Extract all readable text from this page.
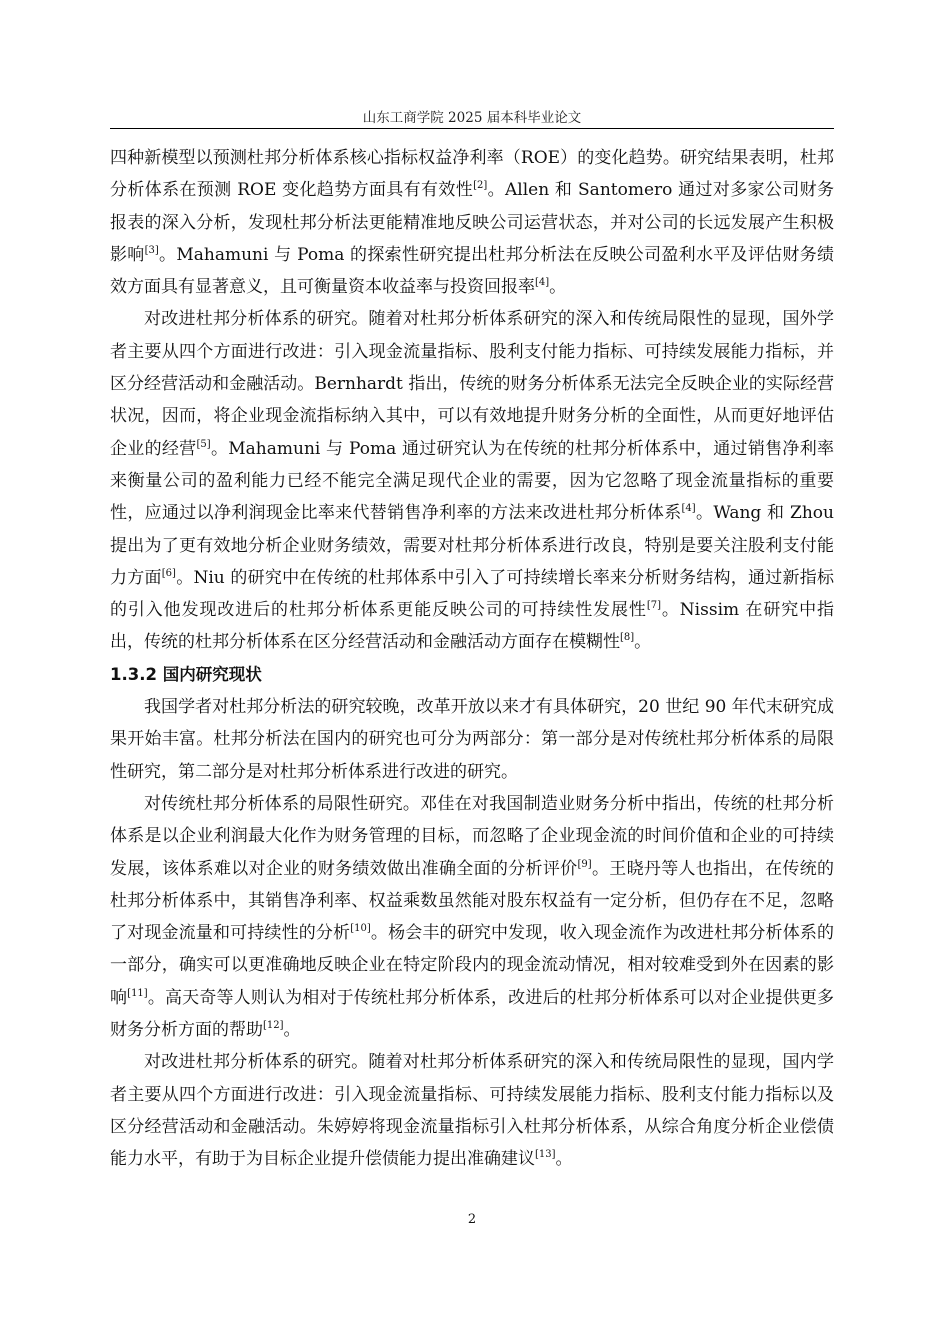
山东工商学院 2025 届本科毕业论文

四种新模型以预测杜邦分析体系核心指标权益净利率（ROE）的变化趋势。研究结果表明，杜邦分析体系在预测 ROE 变化趋势方面具有有效性[2]。Allen 和 Santomero 通过对多家公司财务报表的深入分析，发现杜邦分析法更能精准地反映公司运营状态，并对公司的长远发展产生积极影响[3]。Mahamuni 与 Poma 的探索性研究提出杜邦分析法在反映公司盈利水平及评估财务绩效方面具有显著意义，且可衡量资本收益率与投资回报率[4]。

对改进杜邦分析体系的研究。随着对杜邦分析体系研究的深入和传统局限性的显现，国外学者主要从四个方面进行改进：引入现金流量指标、股利支付能力指标、可持续发展能力指标，并区分经营活动和金融活动。Bernhardt 指出，传统的财务分析体系无法完全反映企业的实际经营状况，因而，将企业现金流指标纳入其中，可以有效地提升财务分析的全面性，从而更好地评估企业的经营[5]。Mahamuni 与 Poma 通过研究认为在传统的杜邦分析体系中，通过销售净利率来衡量公司的盈利能力已经不能完全满足现代企业的需要，因为它忽略了现金流量指标的重要性，应通过以净利润现金比率来代替销售净利率的方法来改进杜邦分析体系[4]。Wang 和 Zhou 提出为了更有效地分析企业财务绩效，需要对杜邦分析体系进行改良，特别是要关注股利支付能力方面[6]。Niu 的研究中在传统的杜邦体系中引入了可持续增长率来分析财务结构，通过新指标的引入他发现改进后的杜邦分析体系更能反映公司的可持续性发展性[7]。Nissim 在研究中指出，传统的杜邦分析体系在区分经营活动和金融活动方面存在模糊性[8]。

1.3.2 国内研究现状

我国学者对杜邦分析法的研究较晚，改革开放以来才有具体研究，20 世纪 90 年代末研究成果开始丰富。杜邦分析法在国内的研究也可分为两部分：第一部分是对传统杜邦分析体系的局限性研究，第二部分是对杜邦分析体系进行改进的研究。

对传统杜邦分析体系的局限性研究。邓佳在对我国制造业财务分析中指出，传统的杜邦分析体系是以企业利润最大化作为财务管理的目标，而忽略了企业现金流的时间价值和企业的可持续发展，该体系难以对企业的财务绩效做出准确全面的分析评价[9]。王晓丹等人也指出，在传统的杜邦分析体系中，其销售净利率、权益乘数虽然能对股东权益有一定分析，但仍存在不足，忽略了对现金流量和可持续性的分析[10]。杨会丰的研究中发现，收入现金流作为改进杜邦分析体系的一部分，确实可以更准确地反映企业在特定阶段内的现金流动情况，相对较难受到外在因素的影响[11]。高天奇等人则认为相对于传统杜邦分析体系，改进后的杜邦分析体系可以对企业提供更多财务分析方面的帮助[12]。

对改进杜邦分析体系的研究。随着对杜邦分析体系研究的深入和传统局限性的显现，国内学者主要从四个方面进行改进：引入现金流量指标、可持续发展能力指标、股利支付能力指标以及区分经营活动和金融活动。朱婷婷将现金流量指标引入杜邦分析体系，从综合角度分析企业偿债能力水平，有助于为目标企业提升偿债能力提出准确建议[13]。

2
